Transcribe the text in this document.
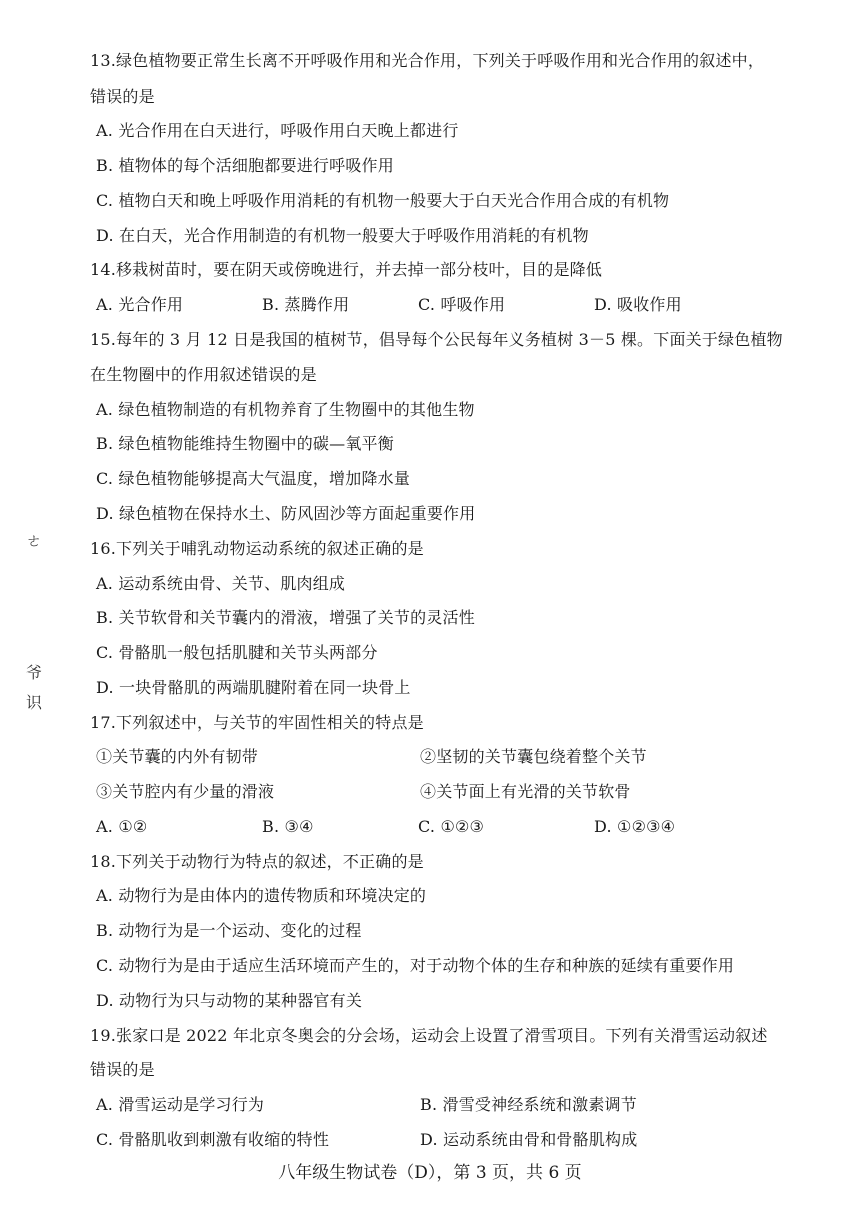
13.绿色植物要正常生长离不开呼吸作用和光合作用，下列关于呼吸作用和光合作用的叙述中，
错误的是
A. 光合作用在白天进行，呼吸作用白天晚上都进行
B. 植物体的每个活细胞都要进行呼吸作用
C. 植物白天和晚上呼吸作用消耗的有机物一般要大于白天光合作用合成的有机物
D. 在白天，光合作用制造的有机物一般要大于呼吸作用消耗的有机物
14.移栽树苗时，要在阴天或傍晚进行，并去掉一部分枝叶，目的是降低
A. 光合作用	B. 蒸腾作用	C. 呼吸作用	D. 吸收作用
15.每年的 3 月 12 日是我国的植树节，倡导每个公民每年义务植树 3－5 棵。下面关于绿色植物
在生物圈中的作用叙述错误的是
A. 绿色植物制造的有机物养育了生物圈中的其他生物
B. 绿色植物能维持生物圈中的碳—氧平衡
C. 绿色植物能够提高大气温度，增加降水量
D. 绿色植物在保持水土、防风固沙等方面起重要作用
16.下列关于哺乳动物运动系统的叙述正确的是
A. 运动系统由骨、关节、肌肉组成
B. 关节软骨和关节囊内的滑液，增强了关节的灵活性
C. 骨骼肌一般包括肌腱和关节头两部分
D. 一块骨骼肌的两端肌腱附着在同一块骨上
17.下列叙述中，与关节的牢固性相关的特点是
①关节囊的内外有韧带	②坚韧的关节囊包绕着整个关节
③关节腔内有少量的滑液	④关节面上有光滑的关节软骨
A. ①②	B. ③④	C. ①②③	D. ①②③④
18.下列关于动物行为特点的叙述，不正确的是
A. 动物行为是由体内的遗传物质和环境决定的
B. 动物行为是一个运动、变化的过程
C. 动物行为是由于适应生活环境而产生的，对于动物个体的生存和种族的延续有重要作用
D. 动物行为只与动物的某种器官有关
19.张家口是 2022 年北京冬奥会的分会场，运动会上设置了滑雪项目。下列有关滑雪运动叙述
错误的是
A. 滑雪运动是学习行为	B. 滑雪受神经系统和激素调节
C. 骨骼肌收到刺激有收缩的特性	D. 运动系统由骨和骨骼肌构成
ㄜ
爷
识
八年级生物试卷（D），第 3 页，共 6 页
